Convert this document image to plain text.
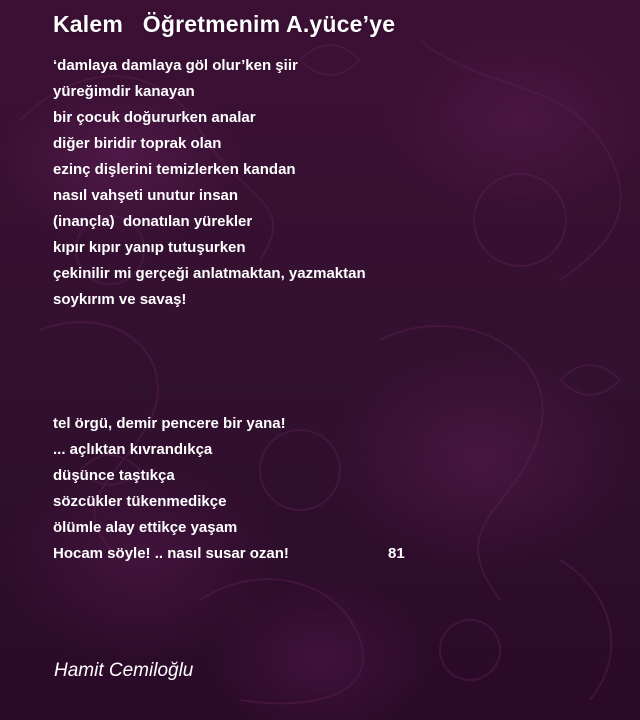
Kalem   Öğretmenim A.yüce’ye
‘damlaya damlaya göl olur’ken şiir
yüreğimdir kanayan
bir çocuk doğururken analar
diğer biridir toprak olan
ezinç dişlerini temizlerken kandan
nasıl vahşeti unutur insan
(inançla)  donatılan yürekler
kıpır kıpır yanıp tutuşurken
çekinilir mi gerçeği anlatmaktan, yazmaktan
soykırım ve savaş!
tel örgü, demir pencere bir yana!
... açlıktan kıvrandıkça
düşünce taştıkça
sözcükler tükenmedikçe
ölümle alay ettikçe yaşam
Hocam söyle! .. nasıl susar ozan!	81
Hamit Cemiloğlu
